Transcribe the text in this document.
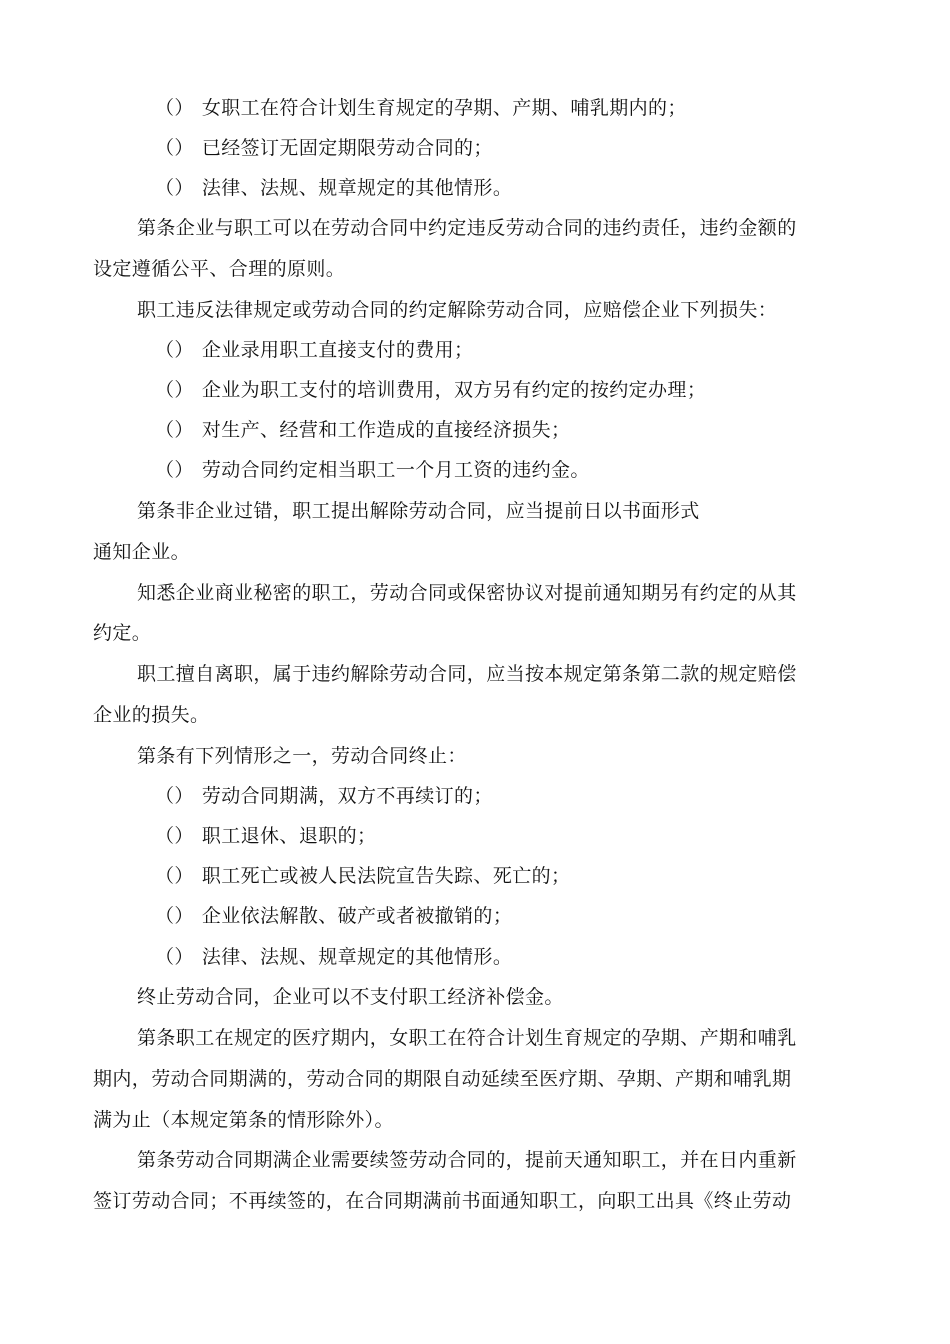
（） 女职工在符合计划生育规定的孕期、产期、哺乳期内的；
（） 已经签订无固定期限劳动合同的；
（） 法律、法规、规章规定的其他情形。
第条企业与职工可以在劳动合同中约定违反劳动合同的违约责任，违约金额的
设定遵循公平、合理的原则。
职工违反法律规定或劳动合同的约定解除劳动合同，应赔偿企业下列损失：
（） 企业录用职工直接支付的费用；
（） 企业为职工支付的培训费用，双方另有约定的按约定办理；
（） 对生产、经营和工作造成的直接经济损失；
（） 劳动合同约定相当职工一个月工资的违约金。
第条非企业过错，职工提出解除劳动合同，应当提前日以书面形式
通知企业。
知悉企业商业秘密的职工，劳动合同或保密协议对提前通知期另有约定的从其
约定。
职工擅自离职，属于违约解除劳动合同，应当按本规定第条第二款的规定赔偿
企业的损失。
第条有下列情形之一，劳动合同终止：
（） 劳动合同期满，双方不再续订的；
（） 职工退休、退职的；
（） 职工死亡或被人民法院宣告失踪、死亡的；
（） 企业依法解散、破产或者被撤销的；
（） 法律、法规、规章规定的其他情形。
终止劳动合同，企业可以不支付职工经济补偿金。
第条职工在规定的医疗期内，女职工在符合计划生育规定的孕期、产期和哺乳
期内，劳动合同期满的，劳动合同的期限自动延续至医疗期、孕期、产期和哺乳期
满为止（本规定第条的情形除外）。
第条劳动合同期满企业需要续签劳动合同的，提前天通知职工，并在日内重新
签订劳动合同；不再续签的，在合同期满前书面通知职工，向职工出具《终止劳动
